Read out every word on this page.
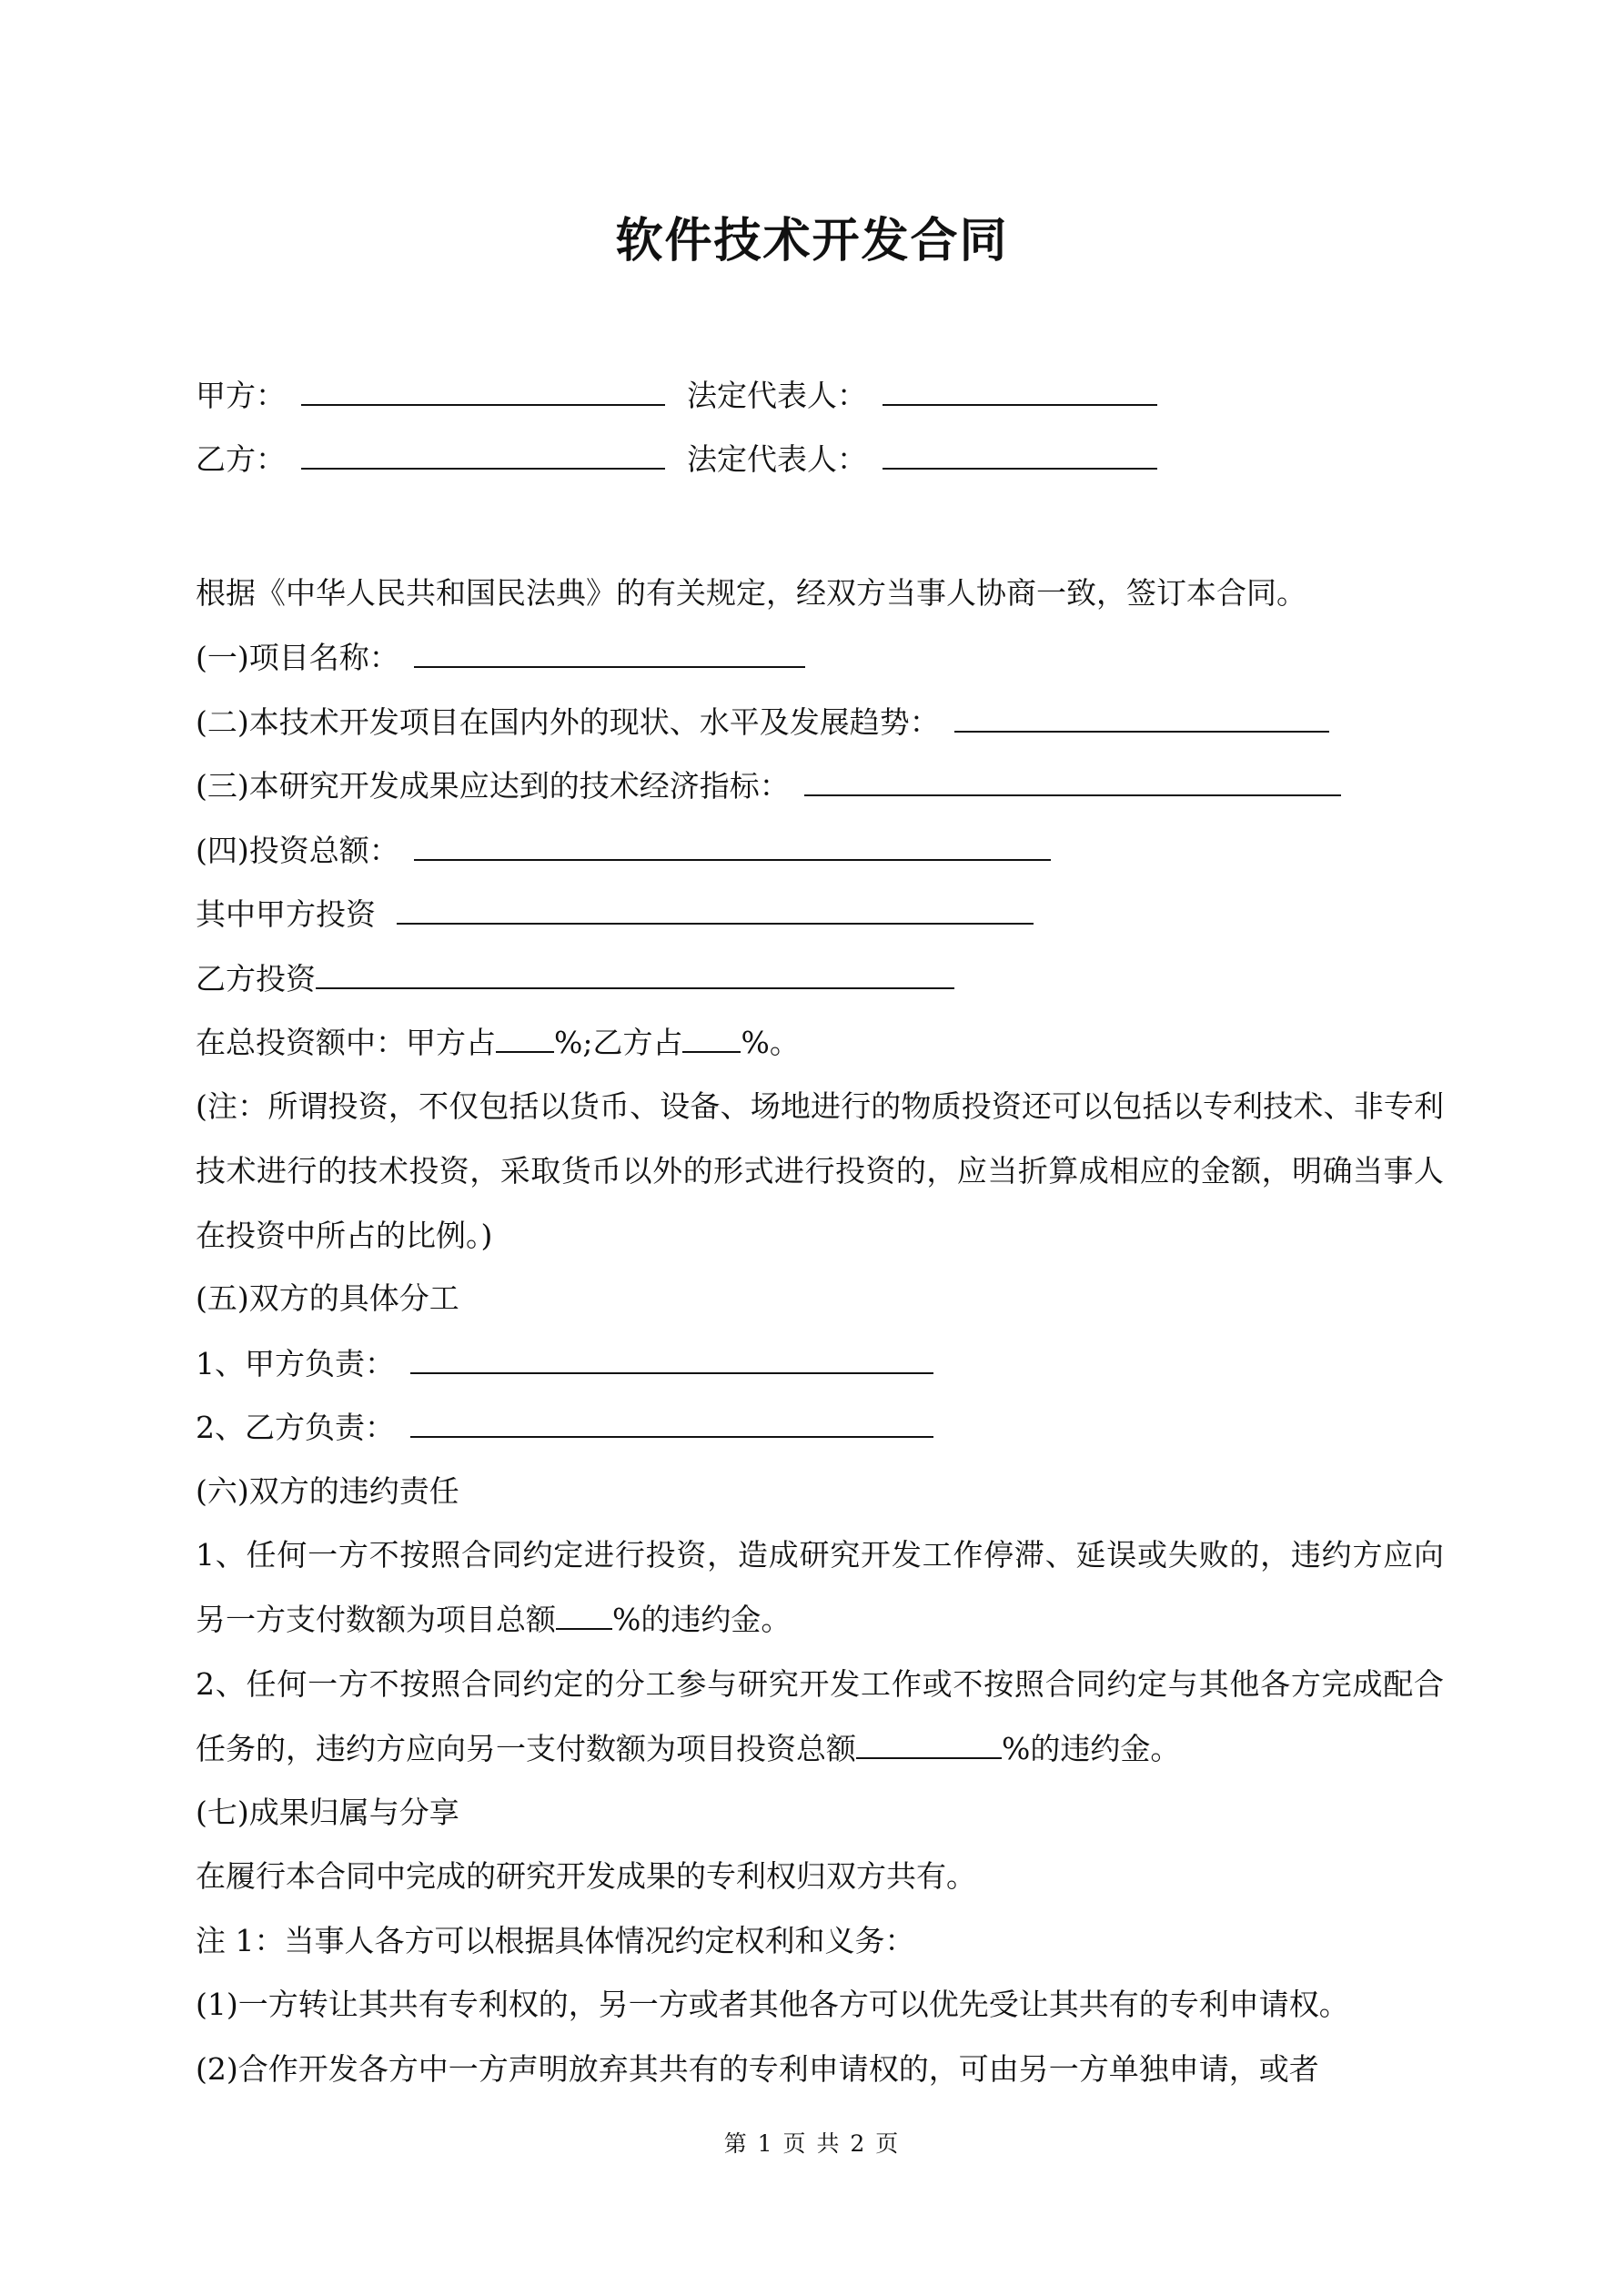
软件技术开发合同
甲方：	法定代表人：
乙方：	法定代表人：
根据《中华人民共和国民法典》的有关规定，经双方当事人协商一致，签订本合同。
(一)项目名称：
(二)本技术开发项目在国内外的现状、水平及发展趋势：
(三)本研究开发成果应达到的技术经济指标：
(四)投资总额：
其中甲方投资
乙方投资
在总投资额中：甲方占 %;乙方占 %。
(注：所谓投资，不仅包括以货币、设备、场地进行的物质投资还可以包括以专利技术、非专利技术进行的技术投资，采取货币以外的形式进行投资的，应当折算成相应的金额，明确当事人在投资中所占的比例。)
(五)双方的具体分工
1、甲方负责：
2、乙方负责：
(六)双方的违约责任
1、任何一方不按照合同约定进行投资，造成研究开发工作停滞、延误或失败的，违约方应向另一方支付数额为项目总额 %的违约金。
2、任何一方不按照合同约定的分工参与研究开发工作或不按照合同约定与其他各方完成配合任务的，违约方应向另一支付数额为项目投资总额	%的违约金。
(七)成果归属与分享
在履行本合同中完成的研究开发成果的专利权归双方共有。
注 1：当事人各方可以根据具体情况约定权利和义务：
(1)一方转让其共有专利权的，另一方或者其他各方可以优先受让其共有的专利申请权。
(2)合作开发各方中一方声明放弃其共有的专利申请权的，可由另一方单独申请，或者
第 1 页 共 2 页
